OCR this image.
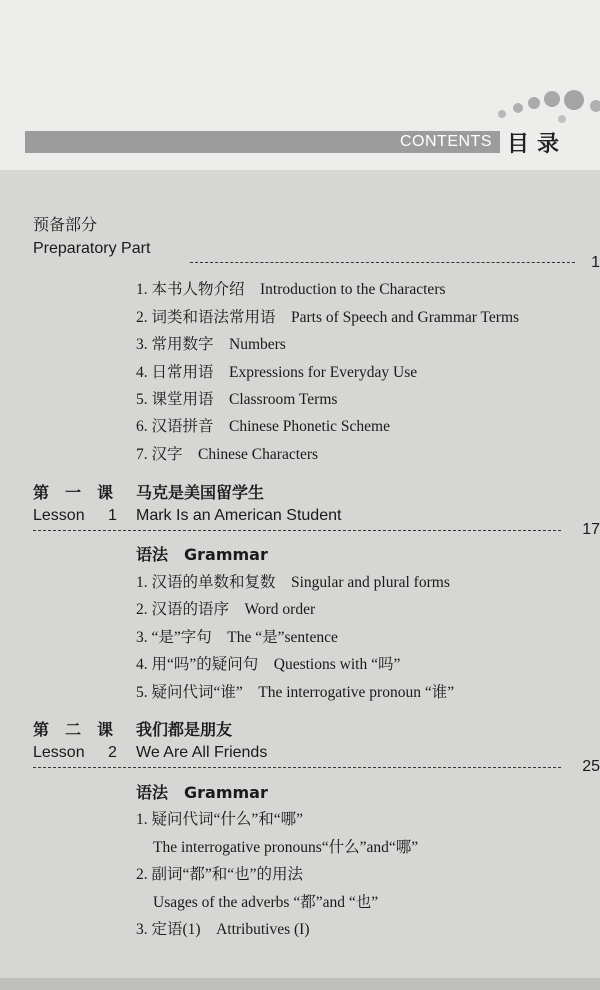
CONTENTS 目录
预备部分
Preparatory Part
1
1. 本书人物介绍　Introduction to the Characters
2. 词类和语法常用语　Parts of Speech and Grammar Terms
3. 常用数字　Numbers
4. 日常用语　Expressions for Everyday Use
5. 课堂用语　Classroom Terms
6. 汉语拼音　Chinese Phonetic Scheme
7. 汉字　Chinese Characters
第　一　课 马克是美国留学生
Lesson 1 Mark Is an American Student
17
语法　Grammar
1. 汉语的单数和复数　Singular and plural forms
2. 汉语的语序　Word order
3. “是”字句　The “是”sentence
4. 用“吗”的疑问句　Questions with “吗”
5. 疑问代词“谁”　The interrogative pronoun “谁”
第　二　课 我们都是朋友
Lesson 2 We Are All Friends
25
语法　Grammar
1. 疑问代词“什么”和“哪”
The interrogative pronouns“什么”and“哪”
2. 副词“都”和“也”的用法
Usages of the adverbs “都”and “也”
3. 定语(1)　Attributives (I)
